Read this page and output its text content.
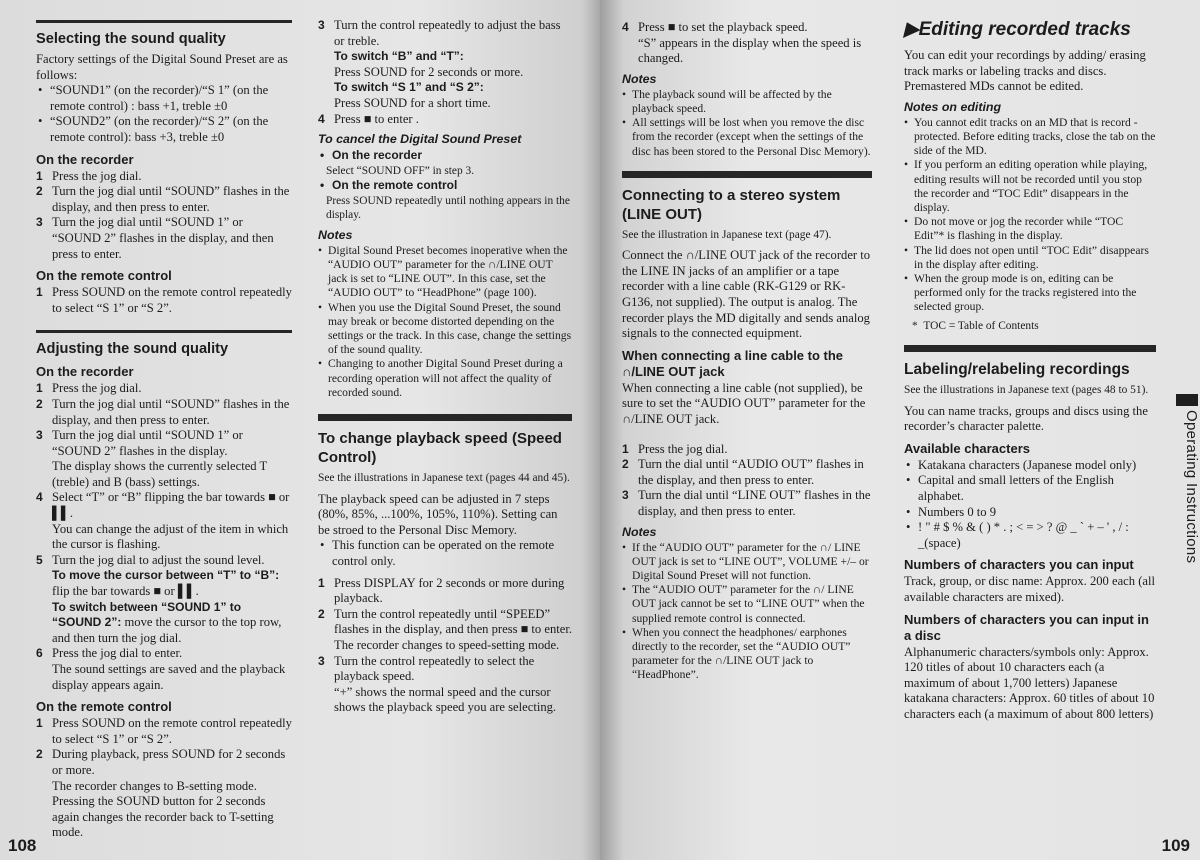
Selecting the sound quality

Factory settings of the Digital Sound Preset are as follows:

• “SOUND1” (on the recorder)/“S 1” (on the remote control) : bass +1, treble ±0
• “SOUND2” (on the recorder)/“S 2” (on the remote control): bass +3, treble ±0
On the recorder
1 Press the jog dial.
2 Turn the jog dial until “SOUND” flashes in the display, and then press to enter.
3 Turn the jog dial until “SOUND 1” or “SOUND 2” flashes in the display, and then press to enter.
On the remote control
1 Press SOUND on the remote control repeatedly to select “S 1” or “S 2”.
Adjusting the sound quality
On the recorder
1 Press the jog dial.
2 Turn the jog dial until “SOUND” flashes in the display, and then press to enter.
3 Turn the jog dial until “SOUND 1” or “SOUND 2” flashes in the display.
The display shows the currently selected T (treble) and B (bass) settings.
4 Select “T” or “B” flipping the bar towards ■ or ▌▌.
You can change the adjust of the item in which the cursor is flashing.
5 Turn the jog dial to adjust the sound level.
To move the cursor between “T” to “B”:
flip the bar towards ■ or ▌▌.
To switch between “SOUND 1” to “SOUND 2”: move the cursor to the top row, and then turn the jog dial.
6 Press the jog dial to enter.
The sound settings are saved and the playback display appears again.
On the remote control
1 Press SOUND on the remote control repeatedly to select “S 1” or “S 2”.
2 During playback, press SOUND for 2 seconds or more.
The recorder changes to B-setting mode. Pressing the SOUND button for 2 seconds again changes the recorder back to T-setting mode.
3 Turn the control repeatedly to adjust the bass or treble.
To switch “B” and “T”:
Press SOUND for 2 seconds or more.
To switch “S 1” and “S 2”:
Press SOUND for a short time.
4 Press ■ to enter .
To cancel the Digital Sound Preset
• On the recorder

Select “SOUND OFF” in step 3.

• On the remote control

Press SOUND repeatedly until nothing appears in the display.

Notes
• Digital Sound Preset becomes inoperative when the “AUDIO OUT” parameter for the ∩/LINE OUT jack is set to “LINE OUT”. In this case, set the “AUDIO OUT” to “HeadPhone” (page 100).
• When you use the Digital Sound Preset, the sound may break or become distorted depending on the settings or the track. In this case, change the settings of the sound quality.
• Changing to another Digital Sound Preset during a recording operation will not affect the quality of recorded sound.
To change playback speed (Speed Control)

See the illustrations in Japanese text (pages 44 and 45).

The playback speed can be adjusted in 7 steps (80%, 85%, ...100%, 105%, 110%). Setting can be stroed to the Personal Disc Memory.

• This function can be operated on the remote control only.
1 Press DISPLAY for 2 seconds or more during playback.
2 Turn the control repeatedly until “SPEED” flashes in the display, and then press ■ to enter.
The recorder changes to speed-setting mode.
3 Turn the control repeatedly to select the playback speed.
“+” shows the normal speed and the cursor shows the playback speed you are selecting.
108
4 Press ■ to set the playback speed.
“S” appears in the display when the speed is changed.
Notes
• The playback sound will be affected by the playback speed.
• All settings will be lost when you remove the disc from the recorder (except when the settings of the disc has been stored to the Personal Disc Memory).
Connecting to a stereo system (LINE OUT)

See the illustration in Japanese text (page 47).

Connect the ∩/LINE OUT jack of the recorder to the LINE IN jacks of an amplifier or a tape recorder with a line cable (RK-G129 or RK-G136, not supplied). The output is analog. The recorder plays the MD digitally and sends analog signals to the connected equipment.

When connecting a line cable to the ∩/LINE OUT jack

When connecting a line cable (not supplied), be sure to set the “AUDIO OUT” parameter for the ∩/LINE OUT jack.

1 Press the jog dial.
2 Turn the dial until “AUDIO OUT” flashes in the display, and then press to enter.
3 Turn the dial until “LINE OUT” flashes in the display, and then press to enter.
Notes
• If the “AUDIO OUT” parameter for the ∩/ LINE OUT jack is set to “LINE OUT”, VOLUME +/– or Digital Sound Preset will not function.
• The “AUDIO OUT” parameter for the ∩/ LINE OUT jack cannot be set to “LINE OUT” when the supplied remote control is connected.
• When you connect the headphones/ earphones directly to the recorder, set the “AUDIO OUT” parameter for the ∩/LINE OUT jack to “HeadPhone”.
▶Editing recorded tracks

You can edit your recordings by adding/ erasing track marks or labeling tracks and discs.

Premastered MDs cannot be edited.

Notes on editing
• You cannot edit tracks on an MD that is record -protected. Before editing tracks, close the tab on the side of the MD.
• If you perform an editing operation while playing, editing results will not be recorded until you stop the recorder and “TOC Edit” disappears in the display.
• Do not move or jog the recorder while “TOC Edit”* is flashing in the display.
• The lid does not open until “TOC Edit” disappears in the display after editing.
• When the group mode is on, editing can be performed only for the tracks registered into the selected group.

*  TOC = Table of Contents

Labeling/relabeling recordings

See the illustrations in Japanese text (pages 48 to 51).

You can name tracks, groups and discs using the recorder’s character palette.

Available characters
• Katakana characters (Japanese model only)
• Capital and small letters of the English alphabet.
• Numbers 0 to 9
• ! " # $ % & ( ) * . ; < = > ? @ _ ` + – ' , / : _(space)
Numbers of characters you can input

Track, group, or disc name: Approx. 200 each (all available characters are mixed).

Numbers of characters you can input in a disc

Alphanumeric characters/symbols only: Approx. 120 titles of about 10 characters each (a maximum of about 1,700 letters) Japanese katakana characters: Approx. 60 titles of about 10 characters each (a maximum of about 800 letters)

Operating Instructions
109
